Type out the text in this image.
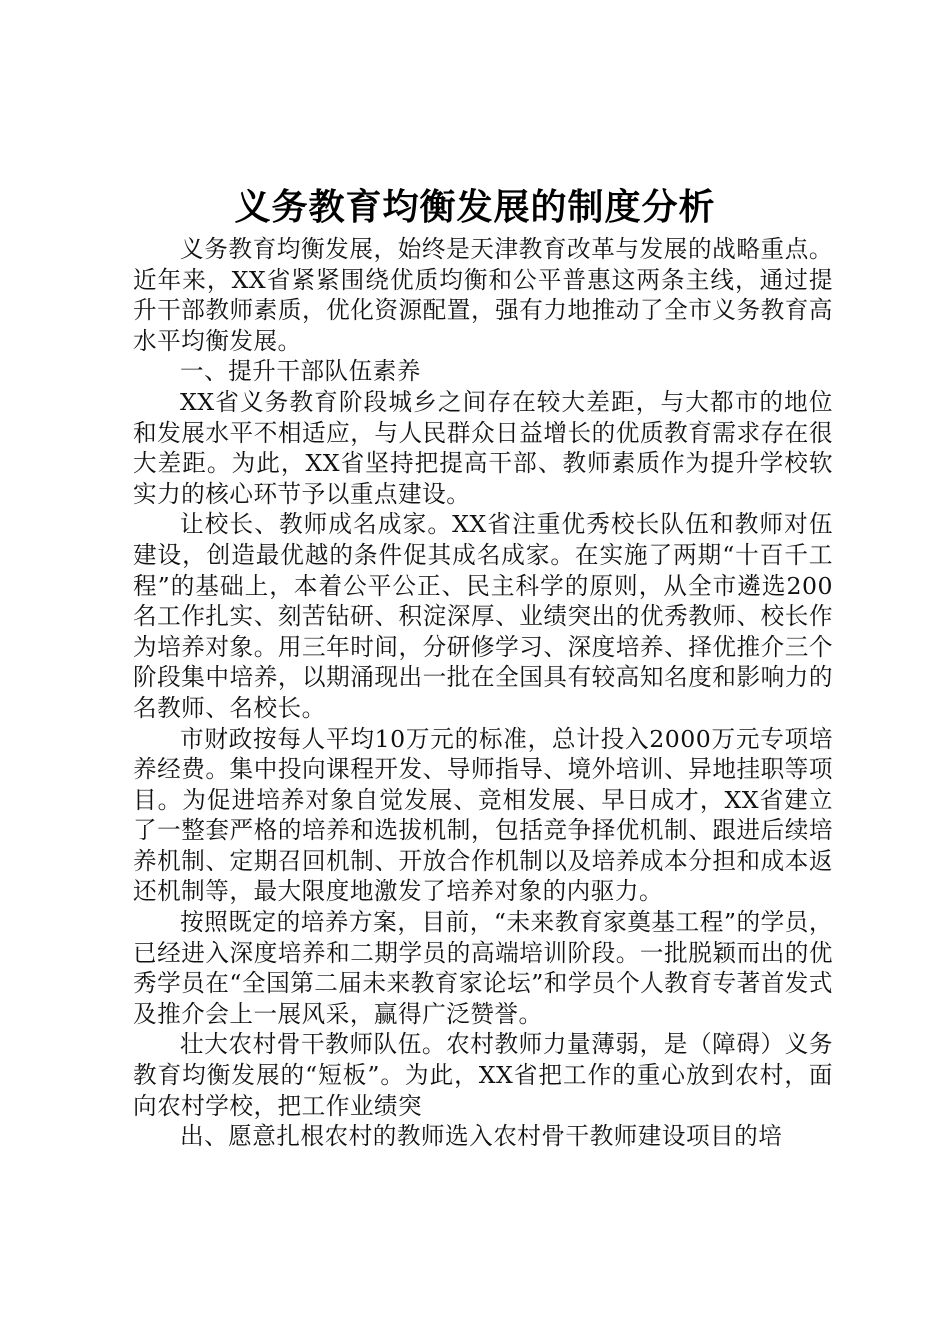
义务教育均衡发展的制度分析

义务教育均衡发展，始终是天津教育改革与发展的战略重点。近年来，XX省紧紧围绕优质均衡和公平普惠这两条主线，通过提升干部教师素质，优化资源配置，强有力地推动了全市义务教育高水平均衡发展。

一、提升干部队伍素养

XX省义务教育阶段城乡之间存在较大差距，与大都市的地位和发展水平不相适应，与人民群众日益增长的优质教育需求存在很大差距。为此，XX省坚持把提高干部、教师素质作为提升学校软实力的核心环节予以重点建设。

让校长、教师成名成家。XX省注重优秀校长队伍和教师对伍建设，创造最优越的条件促其成名成家。在实施了两期“十百千工程”的基础上，本着公平公正、民主科学的原则，从全市遴选200名工作扎实、刻苦钻研、积淀深厚、业绩突出的优秀教师、校长作为培养对象。用三年时间，分研修学习、深度培养、择优推介三个阶段集中培养，以期涌现出一批在全国具有较高知名度和影响力的名教师、名校长。

市财政按每人平均10万元的标准，总计投入2000万元专项培养经费。集中投向课程开发、导师指导、境外培训、异地挂职等项目。为促进培养对象自觉发展、竞相发展、早日成才，XX省建立了一整套严格的培养和选拔机制，包括竞争择优机制、跟进后续培养机制、定期召回机制、开放合作机制以及培养成本分担和成本返还机制等，最大限度地激发了培养对象的内驱力。

按照既定的培养方案，目前，“未来教育家奠基工程”的学员，已经进入深度培养和二期学员的高端培训阶段。一批脱颖而出的优秀学员在“全国第二届未来教育家论坛”和学员个人教育专著首发式及推介会上一展风采，赢得广泛赞誉。

壮大农村骨干教师队伍。农村教师力量薄弱，是（障碍）义务教育均衡发展的“短板”。为此，XX省把工作的重心放到农村，面向农村学校，把工作业绩突

出、愿意扎根农村的教师选入农村骨干教师建设项目的培
